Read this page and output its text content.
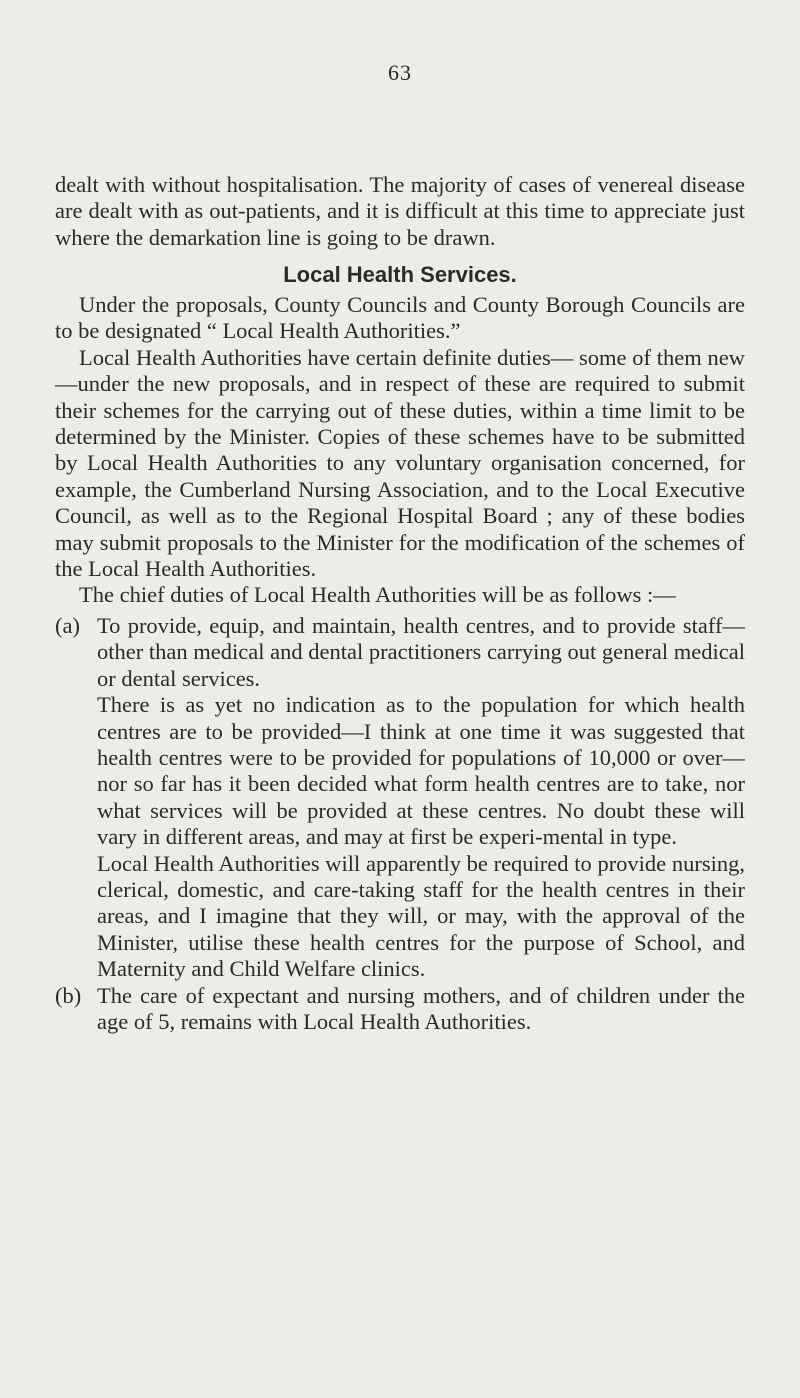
63

dealt with without hospitalisation. The majority of cases of venereal disease are dealt with as out-patients, and it is difficult at this time to appreciate just where the demarkation line is going to be drawn.

Local Health Services.

Under the proposals, County Councils and County Borough Councils are to be designated “ Local Health Authorities.”

Local Health Authorities have certain definite duties— some of them new—under the new proposals, and in respect of these are required to submit their schemes for the carrying out of these duties, within a time limit to be determined by the Minister. Copies of these schemes have to be submitted by Local Health Authorities to any voluntary organisation concerned, for example, the Cumberland Nursing Association, and to the Local Executive Council, as well as to the Regional Hospital Board ; any of these bodies may submit proposals to the Minister for the modification of the schemes of the Local Health Authorities.

The chief duties of Local Health Authorities will be as follows :—

(a) To provide, equip, and maintain, health centres, and to provide staff—other than medical and dental practitioners carrying out general medical or dental services.

There is as yet no indication as to the population for which health centres are to be provided—I think at one time it was suggested that health centres were to be provided for populations of 10,000 or over—nor so far has it been decided what form health centres are to take, nor what services will be provided at these centres. No doubt these will vary in different areas, and may at first be experi-mental in type.

Local Health Authorities will apparently be required to provide nursing, clerical, domestic, and care-taking staff for the health centres in their areas, and I imagine that they will, or may, with the approval of the Minister, utilise these health centres for the purpose of School, and Maternity and Child Welfare clinics.

(b) The care of expectant and nursing mothers, and of children under the age of 5, remains with Local Health Authorities.
